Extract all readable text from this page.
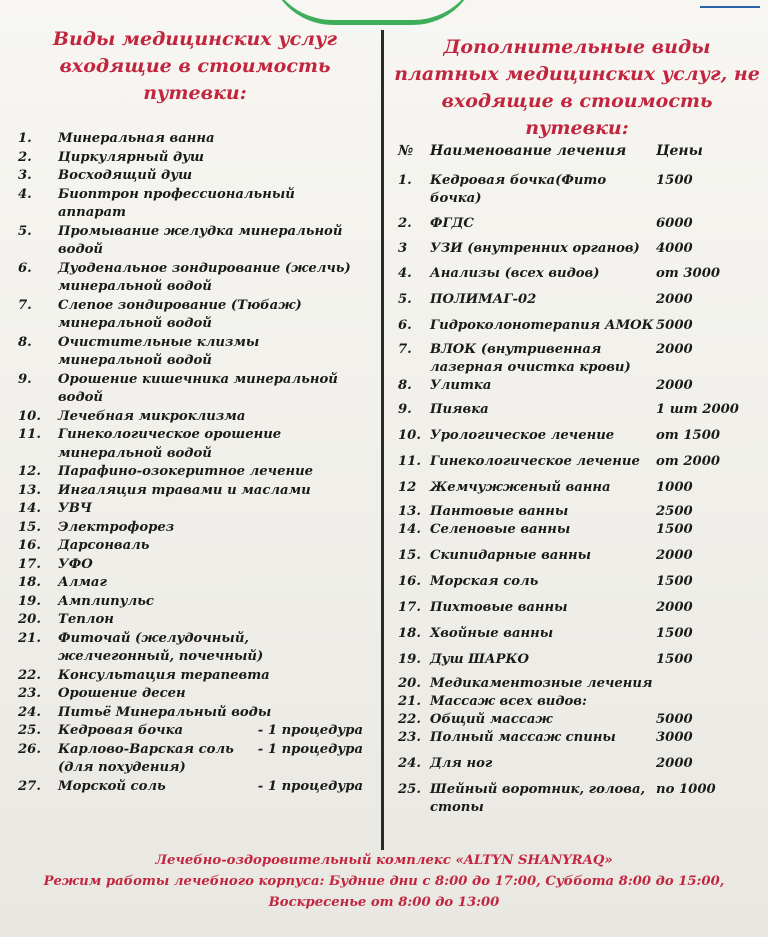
Виды медицинских услуг входящие в стоимость путевки:
Дополнительные виды платных медицинских услуг, не входящие в стоимость путевки:
1.	Минеральная ванна
2.	Циркулярный душ
3.	Восходящий душ
4.	Биоптрон профессиональный аппарат
5.	Промывание желудка минеральной водой
6.	Дуоденальное зондирование (желчь) минеральной водой
7.	Слепое зондирование (Тюбаж) минеральной водой
8.	Очистительные клизмы минеральной водой
9.	Орошение кишечника минеральной водой
10.	Лечебная микроклизма
11.	Гинекологическое орошение минеральной водой
12.	Парафино-озокеритное лечение
13.	Ингаляция травами и маслами
14.	УВЧ
15.	Электрофорез
16.	Дарсонваль
17.	УФО
18.	Алмаг
19.	Амплипульс
20.	Теплон
21.	Фиточай (желудочный, желчегонный, почечный)
22.	Консультация терапевта
23.	Орошение десен
24.	Питьё Минеральный воды
25.	Кедровая бочка	- 1 процедура
26.	Карлово-Варская соль (для похудения)
- 1 процедура
27.	Морской соль	- 1 процедура
№	Наименование лечения	Цены
1.	Кедровая бочка(Фито бочка)
1500
2.	ФГДС	6000
3	УЗИ (внутренних органов)	4000
4.	Анализы (всех видов)	от 3000
5.	ПОЛИМАГ-02	2000
6.	Гидроколонотерапия АМОК 5000
7.	ВЛОК (внутривенная лазерная очистка крови)
2000
8.	Улитка	2000
9.	Пиявка	1 шт 2000
10. Урологическое лечение	от 1500
11. Гинекологическое лечение	от 2000
12	Жемчужженый ванна	1000
13. Пантовые ванны	2500
14. Селеновые ванны	1500
15. Скипидарные ванны	2000
16. Морская соль	1500
17. Пихтовые ванны	2000
18. Хвойные ванны	1500
19. Душ ШАРКО	1500
20. Медикаментозные лечения
21. Массаж всех видов:
22. Общий массаж	5000
23. Полный массаж спины	3000
24. Для ног	2000
25. Шейный воротник, голова, стопы
по 1000
Лечебно-оздоровительный комплекс «ALTYN SHANYRAQ»
Режим работы лечебного корпуса: Будние дни с 8:00 до 17:00, Суббота 8:00 до 15:00,
Воскресенье от 8:00 до 13:00
